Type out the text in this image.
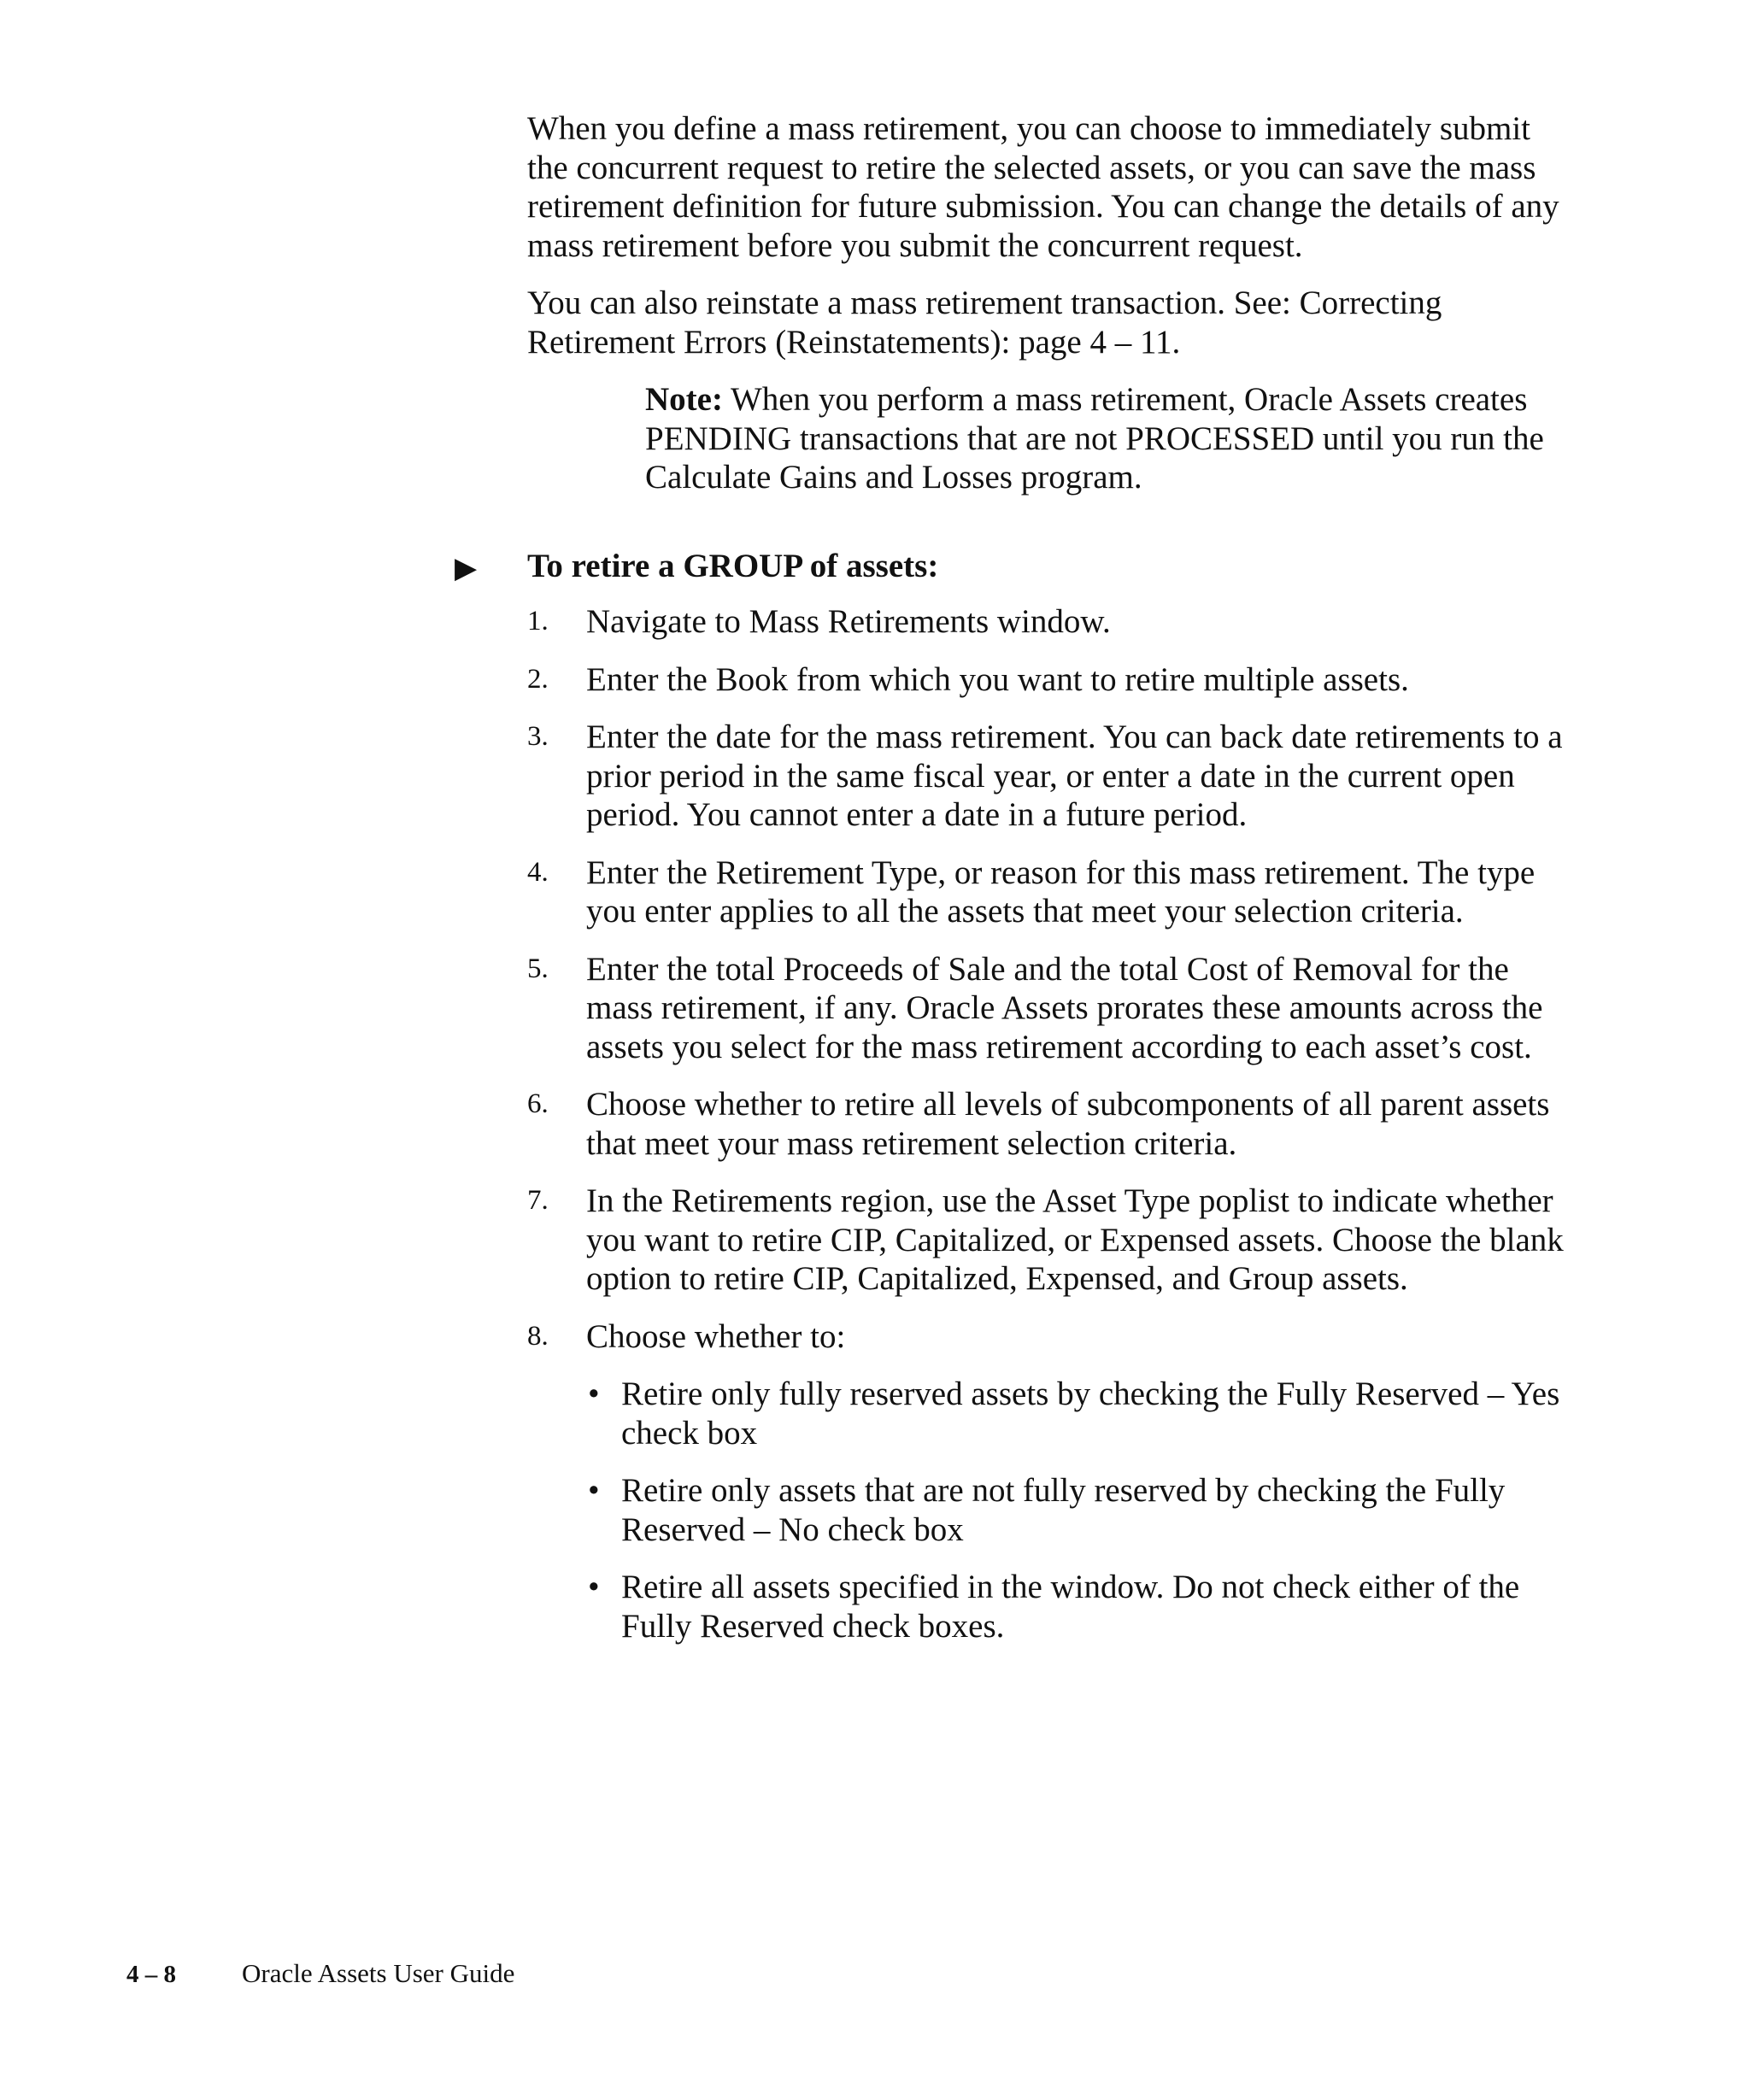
When you define a mass retirement, you can choose to immediately submit the concurrent request to retire the selected assets, or you can save the mass retirement definition for future submission. You can change the details of any mass retirement before you submit the concurrent request.

You can also reinstate a mass retirement transaction. See: Correcting Retirement Errors (Reinstatements): page 4 – 11.

Note: When you perform a mass retirement, Oracle Assets creates PENDING transactions that are not PROCESSED until you run the Calculate Gains and Losses program.

▶ To retire a GROUP of assets:
1. Navigate to Mass Retirements window.
2. Enter the Book from which you want to retire multiple assets.
3. Enter the date for the mass retirement. You can back date retirements to a prior period in the same fiscal year, or enter a date in the current open period. You cannot enter a date in a future period.
4. Enter the Retirement Type, or reason for this mass retirement. The type you enter applies to all the assets that meet your selection criteria.
5. Enter the total Proceeds of Sale and the total Cost of Removal for the mass retirement, if any. Oracle Assets prorates these amounts across the assets you select for the mass retirement according to each asset’s cost.
6. Choose whether to retire all levels of subcomponents of all parent assets that meet your mass retirement selection criteria.
7. In the Retirements region, use the Asset Type poplist to indicate whether you want to retire CIP, Capitalized, or Expensed assets. Choose the blank option to retire CIP, Capitalized, Expensed, and Group assets.
8. Choose whether to:
• Retire only fully reserved assets by checking the Fully Reserved – Yes check box
• Retire only assets that are not fully reserved by checking the Fully Reserved – No check box
• Retire all assets specified in the window. Do not check either of the Fully Reserved check boxes.
4 – 8 Oracle Assets User Guide
